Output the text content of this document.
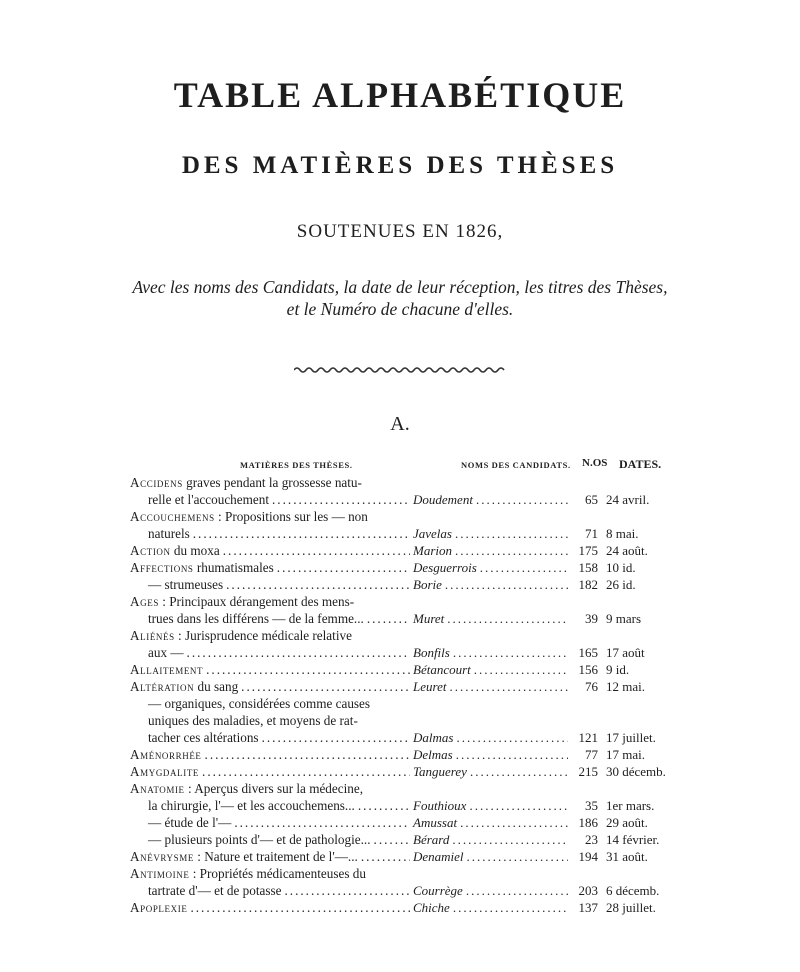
TABLE ALPHABÉTIQUE
DES MATIÈRES DES THÈSES
SOUTENUES EN 1826,
Avec les noms des Candidats, la date de leur réception, les titres des Thèses,
et le Numéro de chacune d'elles.
A.
MATIÈRES DES THÈSES.	NOMS DES CANDIDATS. N.OS DATES.
Accidens
graves pendant la grossesse natu-
relle et l'accouchement .....	Doudement .....	65 24 avril.
Accouchemens
: Propositions sur les — non
naturels .....	Javelas .....	71 8 mai.
Action
du moxa .....	Marion .....	175 24 août.
Affections
rhumatismales .....	Desguerrois .....	158 10 id.
— strumeuses .....	Borie .....	182 26 id.
Ages
: Principaux dérangement des mens-
trues dans les différens — de la femme... .....	Muret .....	39 9 mars
Aliénés
: Jurisprudence médicale relative
aux — .....	Bonfils .....	165 17 août
Allaitement .....	Bétancourt .....	156 9 id.
Altération
du sang .....	Leuret .....	76 12 mai.
— organiques, considérées comme causes
uniques des maladies, et moyens de rat-
tacher ces altérations .....	Dalmas .....	121 17 juillet.
Aménorrhée .....	Delmas .....	77 17 mai.
Amygdalite .....	Tanguerey .....	215 30 décemb.
Anatomie
: Aperçus divers sur la médecine,
la chirurgie, l'— et les accouchemens... .....	Fouthioux .....	35 1er mars.
— étude de l'— .....	Amussat .....	186 29 août.
— plusieurs points d'— et de pathologie... .....	Bérard .....	23 14 février.
Anévrysme
: Nature et traitement de l'—... .....	Denamiel .....	194 31 août.
Antimoine
: Propriétés médicamenteuses du
tartrate d'— et de potasse .....	Courrège .....	203 6 décemb.
Apoplexie .....	Chiche .....	137 28 juillet.
